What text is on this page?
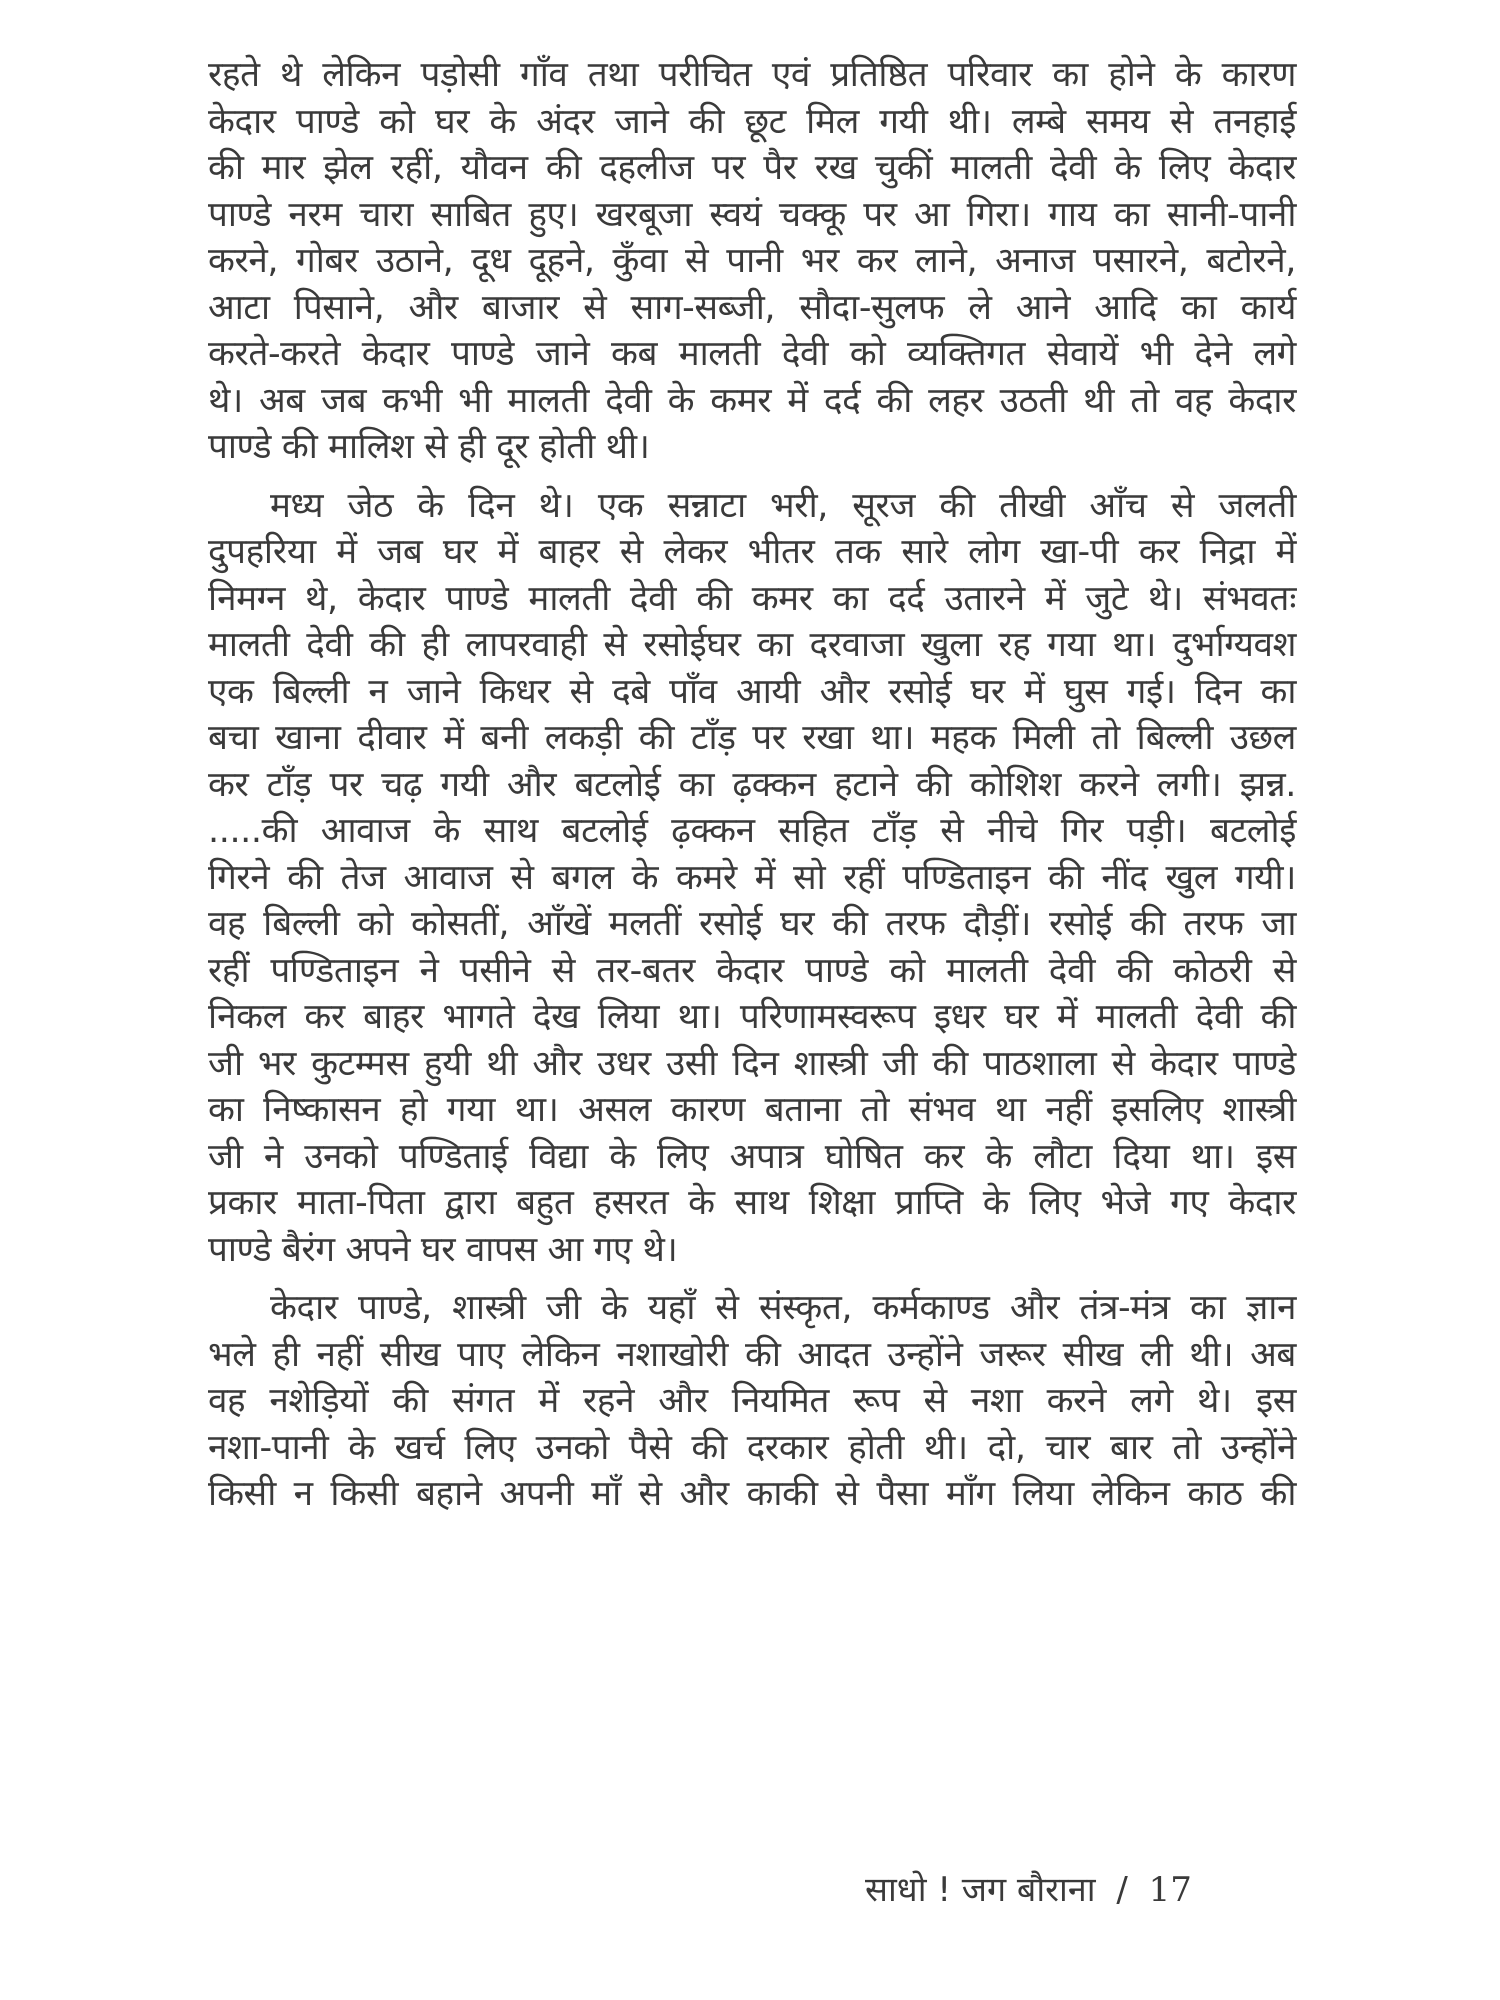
रहते थे लेकिन पड़ोसी गाँव तथा परीचित एवं प्रतिष्ठित परिवार का होने के कारण

केदार पाण्डे को घर के अंदर जाने की छूट मिल गयी थी। लम्बे समय से तनहाई

की मार झेल रहीं, यौवन की दहलीज पर पैर रख चुकीं मालती देवी के लिए केदार

पाण्डे नरम चारा साबित हुए। खरबूजा स्वयं चक्कू पर आ गिरा। गाय का सानी-पानी

करने, गोबर उठाने, दूध दूहने, कुँवा से पानी भर कर लाने, अनाज पसारने, बटोरने,

आटा पिसाने, और बाजार से साग-सब्जी, सौदा-सुलफ ले आने आदि का कार्य

करते-करते केदार पाण्डे जाने कब मालती देवी को व्यक्तिगत सेवायें भी देने लगे

थे। अब जब कभी भी मालती देवी के कमर में दर्द की लहर उठती थी तो वह केदार

पाण्डे की मालिश से ही दूर होती थी।

मध्य जेठ के दिन थे। एक सन्नाटा भरी, सूरज की तीखी आँच से जलती

दुपहरिया में जब घर में बाहर से लेकर भीतर तक सारे लोग खा-पी कर निद्रा में

निमग्न थे, केदार पाण्डे मालती देवी की कमर का दर्द उतारने में जुटे थे। संभवतः

मालती देवी की ही लापरवाही से रसोईघर का दरवाजा खुला रह गया था। दुर्भाग्यवश

एक बिल्ली न जाने किधर से दबे पाँव आयी और रसोई घर में घुस गई। दिन का

बचा खाना दीवार में बनी लकड़ी की टाँड़ पर रखा था। महक मिली तो बिल्ली उछल

कर टाँड़ पर चढ़ गयी और बटलोई का ढ़क्कन हटाने की कोशिश करने लगी। झन्न.

.....की आवाज के साथ बटलोई ढ़क्कन सहित टाँड़ से नीचे गिर पड़ी। बटलोई

गिरने की तेज आवाज से बगल के कमरे में सो रहीं पण्डिताइन की नींद खुल गयी।

वह बिल्ली को कोसतीं, आँखें मलतीं रसोई घर की तरफ दौड़ीं। रसोई की तरफ जा

रहीं पण्डिताइन ने पसीने से तर-बतर केदार पाण्डे को मालती देवी की कोठरी से

निकल कर बाहर भागते देख लिया था। परिणामस्वरूप इधर घर में मालती देवी की

जी भर कुटम्मस हुयी थी और उधर उसी दिन शास्त्री जी की पाठशाला से केदार पाण्डे

का निष्कासन हो गया था। असल कारण बताना तो संभव था नहीं इसलिए शास्त्री

जी ने उनको पण्डिताई विद्या के लिए अपात्र घोषित कर के लौटा दिया था। इस

प्रकार माता-पिता द्वारा बहुत हसरत के साथ शिक्षा प्राप्ति के लिए भेजे गए केदार

पाण्डे बैरंग अपने घर वापस आ गए थे।

केदार पाण्डे, शास्त्री जी के यहाँ से संस्कृत, कर्मकाण्ड और तंत्र-मंत्र का ज्ञान

भले ही नहीं सीख पाए लेकिन नशाखोरी की आदत उन्होंने जरूर सीख ली थी। अब

वह नशेड़ियों की संगत में रहने और नियमित रूप से नशा करने लगे थे। इस

नशा-पानी के खर्च लिए उनको पैसे की दरकार होती थी। दो, चार बार तो उन्होंने

किसी न किसी बहाने अपनी माँ से और काकी से पैसा माँग लिया लेकिन काठ की

साधो ! जग बौराना / 17
